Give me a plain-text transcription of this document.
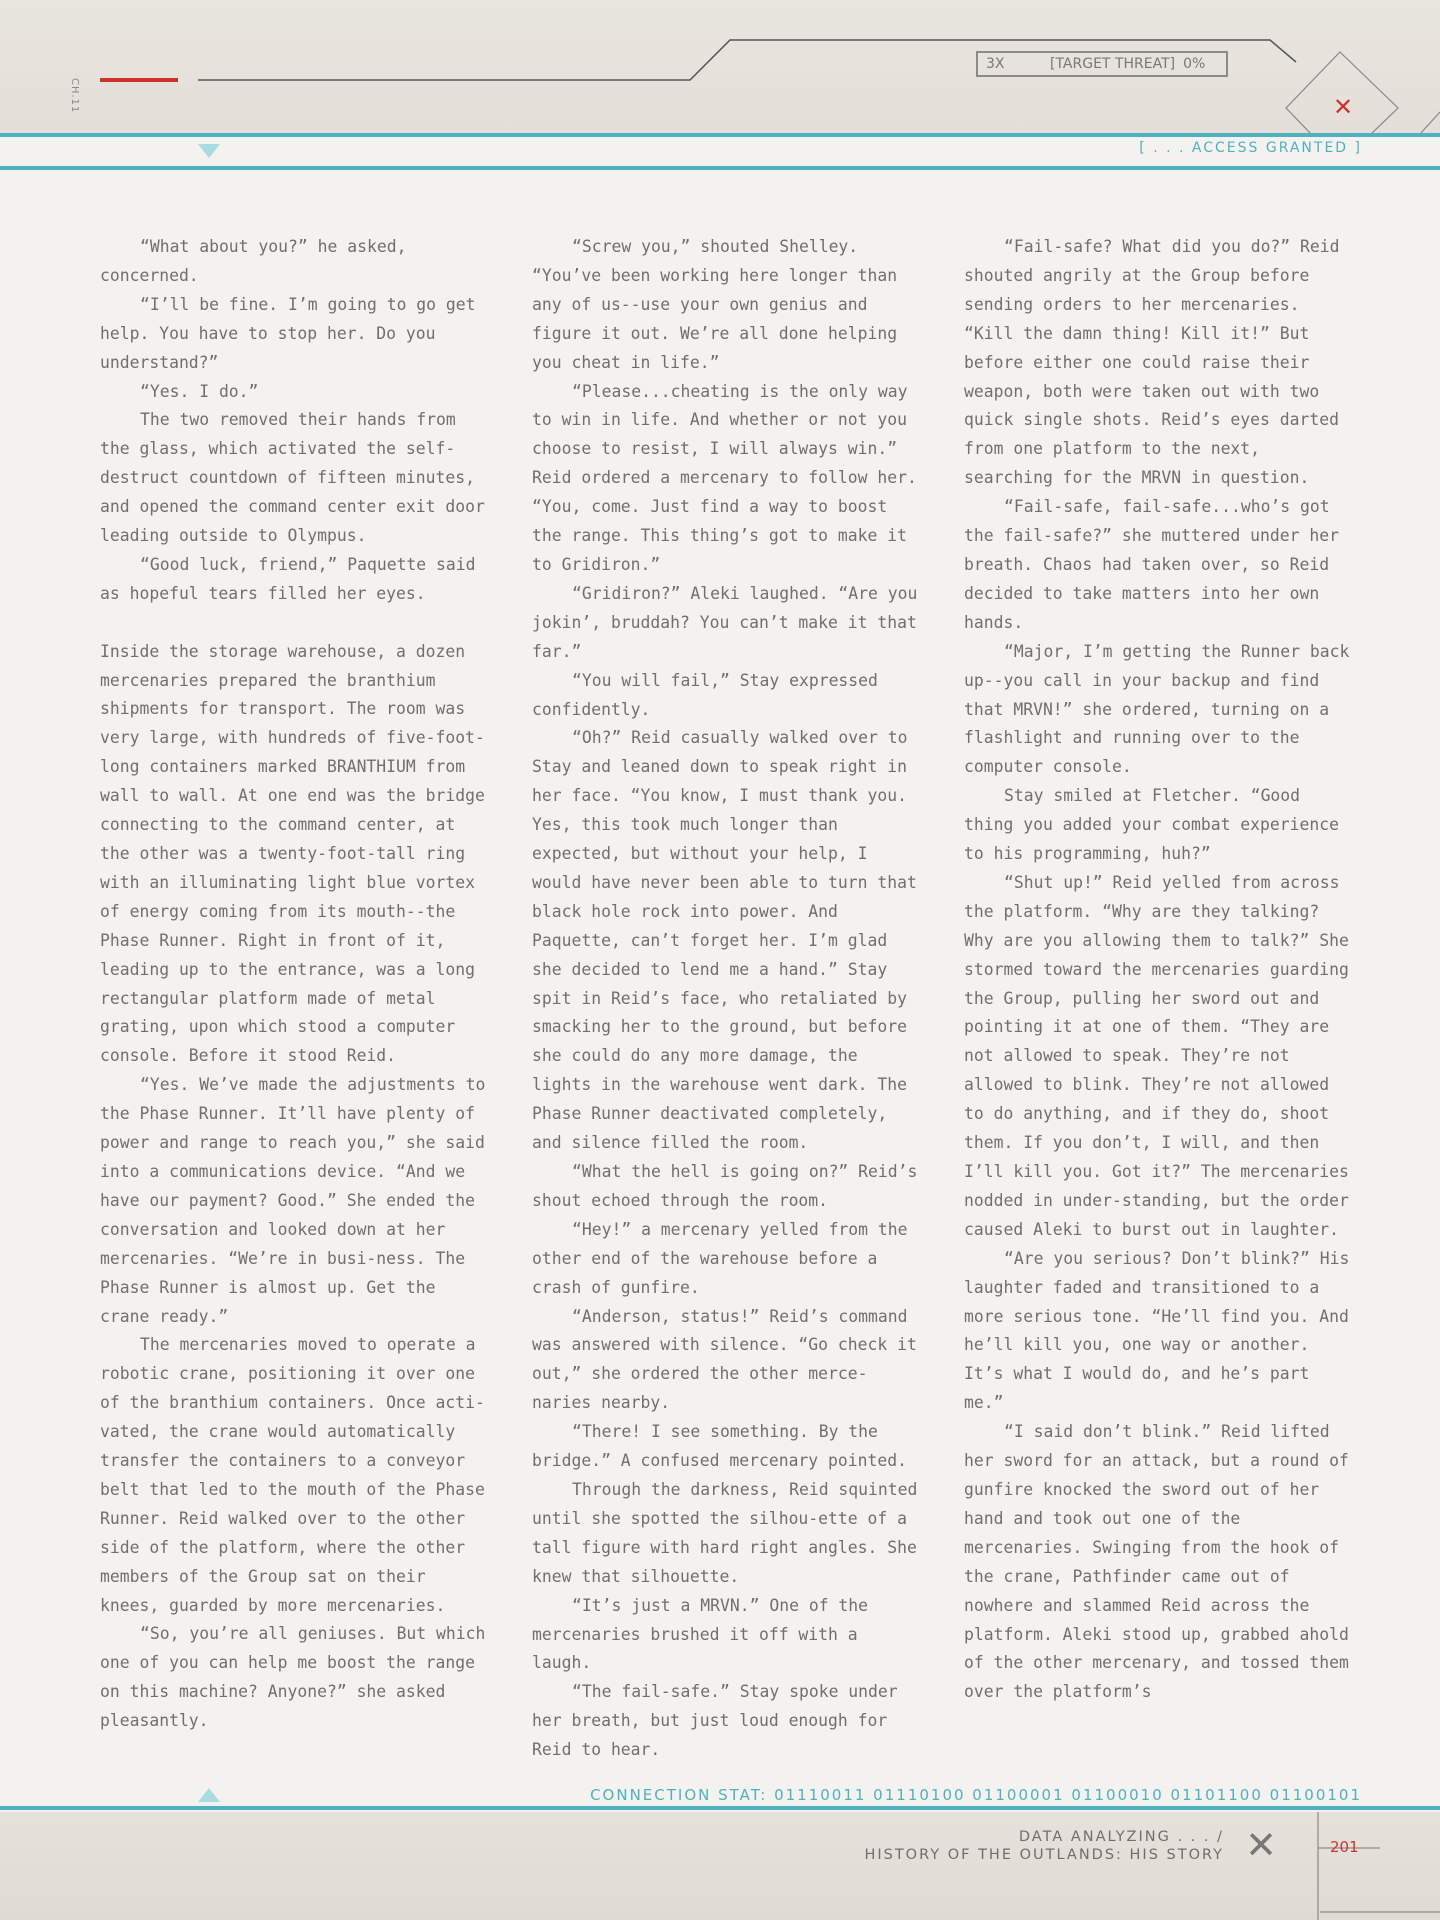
CH.11
3X	[TARGET THREAT] 0%
✕
[ . . . ACCESS GRANTED ]

“What about you?” he asked, concerned.

“I’ll be fine. I’m going to go get help. You have to stop her. Do you understand?”

“Yes. I do.”

The two removed their hands from the glass, which activated the self-destruct countdown of fifteen minutes, and opened the command center exit door leading outside to Olympus.

“Good luck, friend,” Paquette said as hopeful tears filled her eyes.

Inside the storage warehouse, a dozen mercenaries prepared the branthium shipments for transport. The room was very large, with hundreds of five-foot-long containers marked BRANTHIUM from wall to wall. At one end was the bridge connecting to the command center, at the other was a twenty-foot-tall ring with an illuminating light blue vortex of energy coming from its mouth--the Phase Runner. Right in front of it, leading up to the entrance, was a long rectangular platform made of metal grating, upon which stood a computer console. Before it stood Reid.

“Yes. We’ve made the adjustments to the Phase Runner. It’ll have plenty of power and range to reach you,” she said into a communications device. “And we have our payment? Good.” She ended the conversation and looked down at her mercenaries. “We’re in busi-ness. The Phase Runner is almost up. Get the crane ready.”

The mercenaries moved to operate a robotic crane, positioning it over one of the branthium containers. Once acti-vated, the crane would automatically transfer the containers to a conveyor belt that led to the mouth of the Phase Runner. Reid walked over to the other side of the platform, where the other members of the Group sat on their knees, guarded by more mercenaries.

“So, you’re all geniuses. But which one of you can help me boost the range on this machine? Anyone?” she asked pleasantly.

“Screw you,” shouted Shelley. “You’ve been working here longer than any of us--use your own genius and figure it out. We’re all done helping you cheat in life.”

“Please...cheating is the only way to win in life. And whether or not you choose to resist, I will always win.” Reid ordered a mercenary to follow her. “You, come. Just find a way to boost the range. This thing’s got to make it to Gridiron.”

“Gridiron?” Aleki laughed. “Are you jokin’, bruddah? You can’t make it that far.”

“You will fail,” Stay expressed confidently.

“Oh?” Reid casually walked over to Stay and leaned down to speak right in her face. “You know, I must thank you. Yes, this took much longer than expected, but without your help, I would have never been able to turn that black hole rock into power. And Paquette, can’t forget her. I’m glad she decided to lend me a hand.” Stay spit in Reid’s face, who retaliated by smacking her to the ground, but before she could do any more damage, the lights in the warehouse went dark. The Phase Runner deactivated completely, and silence filled the room.

“What the hell is going on?” Reid’s shout echoed through the room.

“Hey!” a mercenary yelled from the other end of the warehouse before a crash of gunfire.

“Anderson, status!” Reid’s command was answered with silence. “Go check it out,” she ordered the other merce-naries nearby.

“There! I see something. By the bridge.” A confused mercenary pointed.

Through the darkness, Reid squinted until she spotted the silhou-ette of a tall figure with hard right angles. She knew that silhouette.

“It’s just a MRVN.” One of the mercenaries brushed it off with a laugh.

“The fail-safe.” Stay spoke under her breath, but just loud enough for Reid to hear.

“Fail-safe? What did you do?” Reid shouted angrily at the Group before sending orders to her mercenaries. “Kill the damn thing! Kill it!” But before either one could raise their weapon, both were taken out with two quick single shots. Reid’s eyes darted from one platform to the next, searching for the MRVN in question.

“Fail-safe, fail-safe...who’s got the fail-safe?” she muttered under her breath. Chaos had taken over, so Reid decided to take matters into her own hands.

“Major, I’m getting the Runner back up--you call in your backup and find that MRVN!” she ordered, turning on a flashlight and running over to the computer console.

Stay smiled at Fletcher. “Good thing you added your combat experience to his programming, huh?”

“Shut up!” Reid yelled from across the platform. “Why are they talking? Why are you allowing them to talk?” She stormed toward the mercenaries guarding the Group, pulling her sword out and pointing it at one of them. “They are not allowed to speak. They’re not allowed to blink. They’re not allowed to do anything, and if they do, shoot them. If you don’t, I will, and then I’ll kill you. Got it?” The mercenaries nodded in under-standing, but the order caused Aleki to burst out in laughter.

“Are you serious? Don’t blink?” His laughter faded and transitioned to a more serious tone. “He’ll find you. And he’ll kill you, one way or another. It’s what I would do, and he’s part me.”

“I said don’t blink.” Reid lifted her sword for an attack, but a round of gunfire knocked the sword out of her hand and took out one of the mercenaries. Swinging from the hook of the crane, Pathfinder came out of nowhere and slammed Reid across the platform. Aleki stood up, grabbed ahold of the other mercenary, and tossed them over the platform’s

CONNECTION STAT: 01110011 01110100 01100001 01100010 01101100 01100101
✕
DATA ANALYZING . . . /
HISTORY OF THE OUTLANDS: HIS STORY	201
